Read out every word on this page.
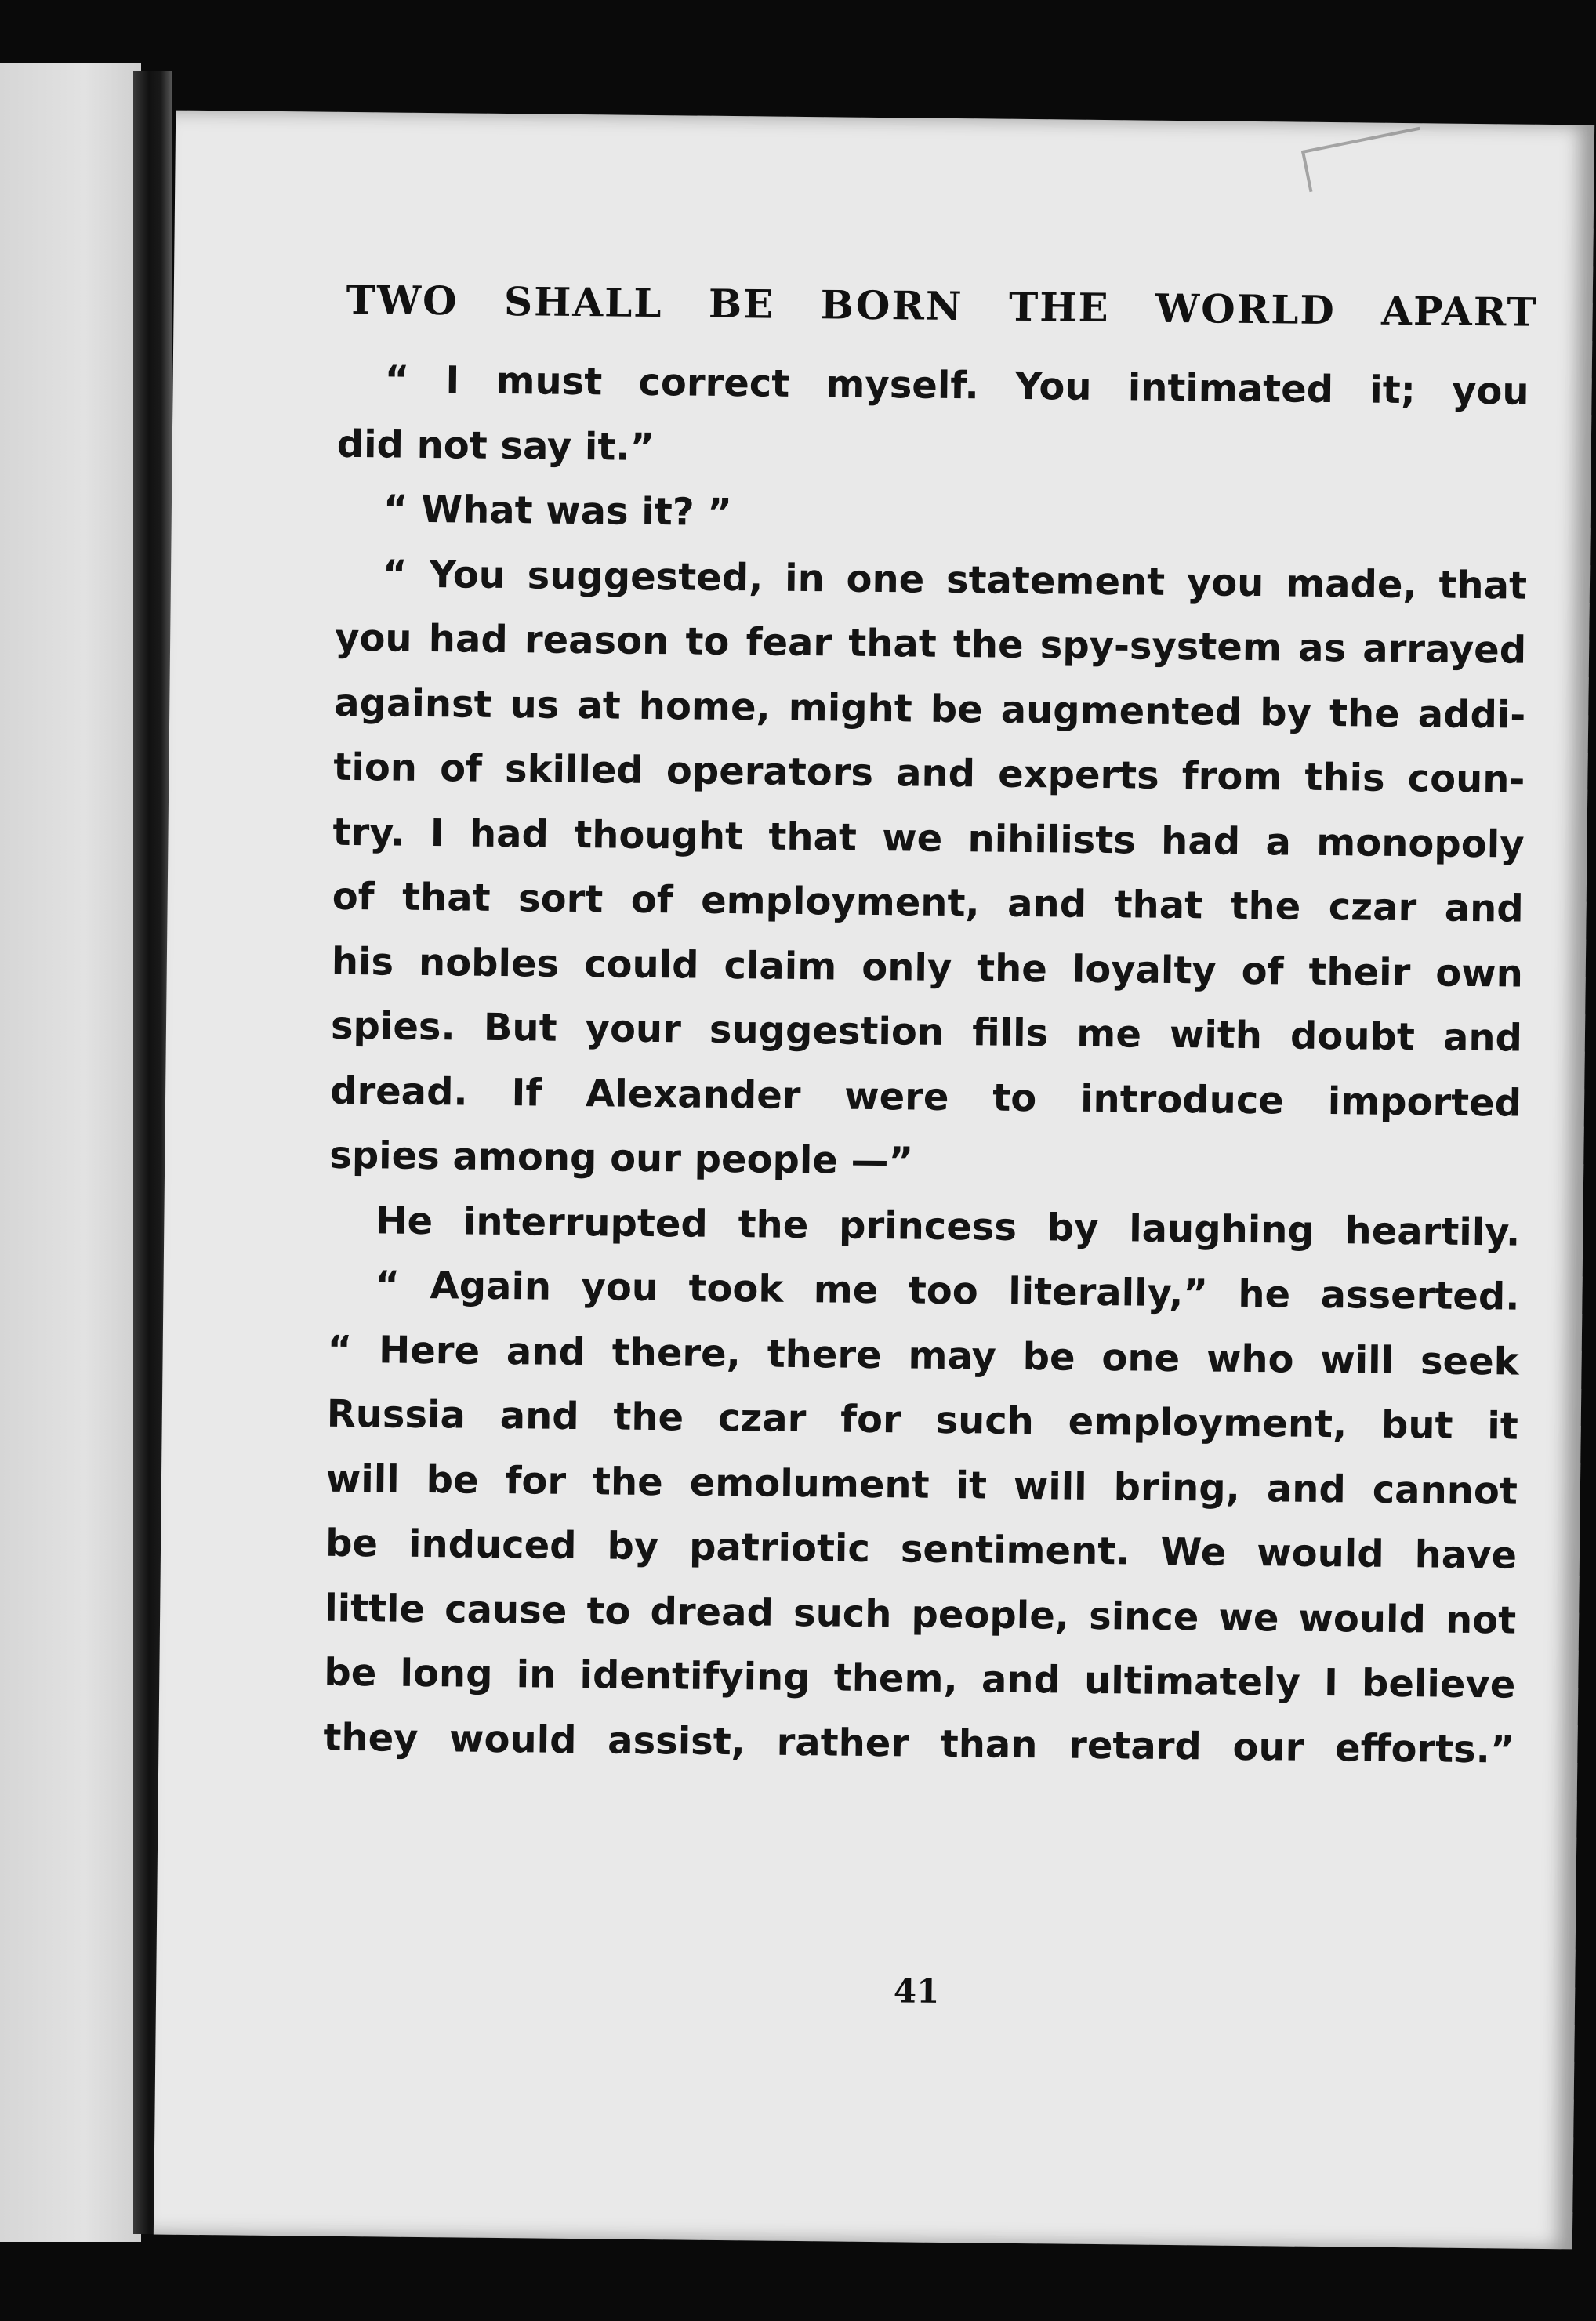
TWO SHALL BE BORN THE WORLD APART
“ I must correct myself. You intimated it; you
did not say it.”
“ What was it? ”
“ You suggested, in one statement you made, that
you had reason to fear that the spy-system as arrayed
against us at home, might be augmented by the addi-
tion of skilled operators and experts from this coun-
try. I had thought that we nihilists had a monopoly
of that sort of employment, and that the czar and
his nobles could claim only the loyalty of their own
spies. But your suggestion fills me with doubt and
dread. If Alexander were to introduce imported
spies among our people —”
He interrupted the princess by laughing heartily.
“ Again you took me too literally,” he asserted.
“ Here and there, there may be one who will seek
Russia and the czar for such employment, but it
will be for the emolument it will bring, and cannot
be induced by patriotic sentiment. We would have
little cause to dread such people, since we would not
be long in identifying them, and ultimately I believe
they would assist, rather than retard our efforts.”
41
